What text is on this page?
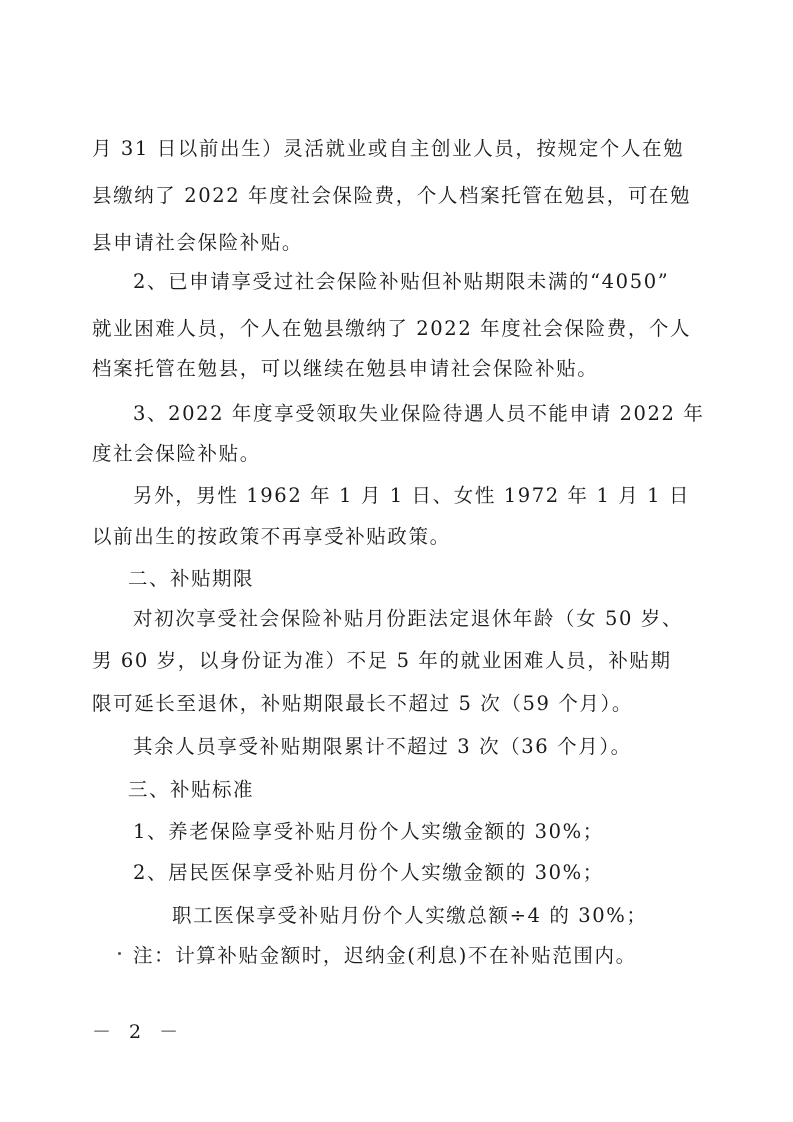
月 31 日以前出生）灵活就业或自主创业人员，按规定个人在勉
县缴纳了 2022 年度社会保险费，个人档案托管在勉县，可在勉
县申请社会保险补贴。
2、已申请享受过社会保险补贴但补贴期限未满的“4050”
就业困难人员，个人在勉县缴纳了 2022 年度社会保险费，个人
档案托管在勉县，可以继续在勉县申请社会保险补贴。
3、2022 年度享受领取失业保险待遇人员不能申请 2022 年
度社会保险补贴。
另外，男性 1962 年 1 月 1 日、女性 1972 年 1 月 1 日
以前出生的按政策不再享受补贴政策。
二、补贴期限
对初次享受社会保险补贴月份距法定退休年龄（女 50 岁、
男 60 岁，以身份证为准）不足 5 年的就业困难人员，补贴期
限可延长至退休，补贴期限最长不超过 5 次（59 个月）。
其余人员享受补贴期限累计不超过 3 次（36 个月）。
三、补贴标准
1、养老保险享受补贴月份个人实缴金额的 30%；
2、居民医保享受补贴月份个人实缴金额的 30%；
职工医保享受补贴月份个人实缴总额÷4 的 30%；
注：计算补贴金额时，迟纳金(利息)不在补贴范围内。
－ 2 －
